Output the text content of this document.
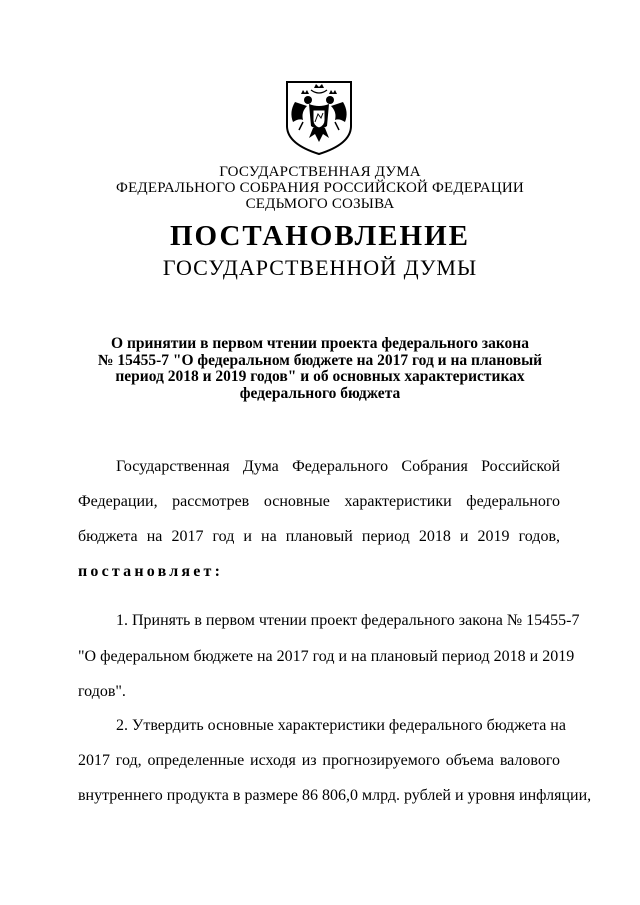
ГОСУДАРСТВЕННАЯ ДУМА
ФЕДЕРАЛЬНОГО СОБРАНИЯ РОССИЙСКОЙ ФЕДЕРАЦИИ
СЕДЬМОГО СОЗЫВА
ПОСТАНОВЛЕНИЕ
ГОСУДАРСТВЕННОЙ ДУМЫ
О принятии в первом чтении проекта федерального закона
№ 15455-7 "О федеральном бюджете на 2017 год и на плановый
период 2018 и 2019 годов" и об основных характеристиках
федерального бюджета
Государственная Дума Федерального Собрания Российской
Федерации, рассмотрев основные характеристики федерального
бюджета на 2017 год и на плановый период 2018 и 2019 годов,
постановляет:
1. Принять в первом чтении проект федерального закона № 15455-7
"О федеральном бюджете на 2017 год и на плановый период 2018 и 2019
годов".
2. Утвердить основные характеристики федерального бюджета на
2017 год, определенные исходя из прогнозируемого объема валового
внутреннего продукта в размере 86 806,0 млрд. рублей и уровня инфляции,
